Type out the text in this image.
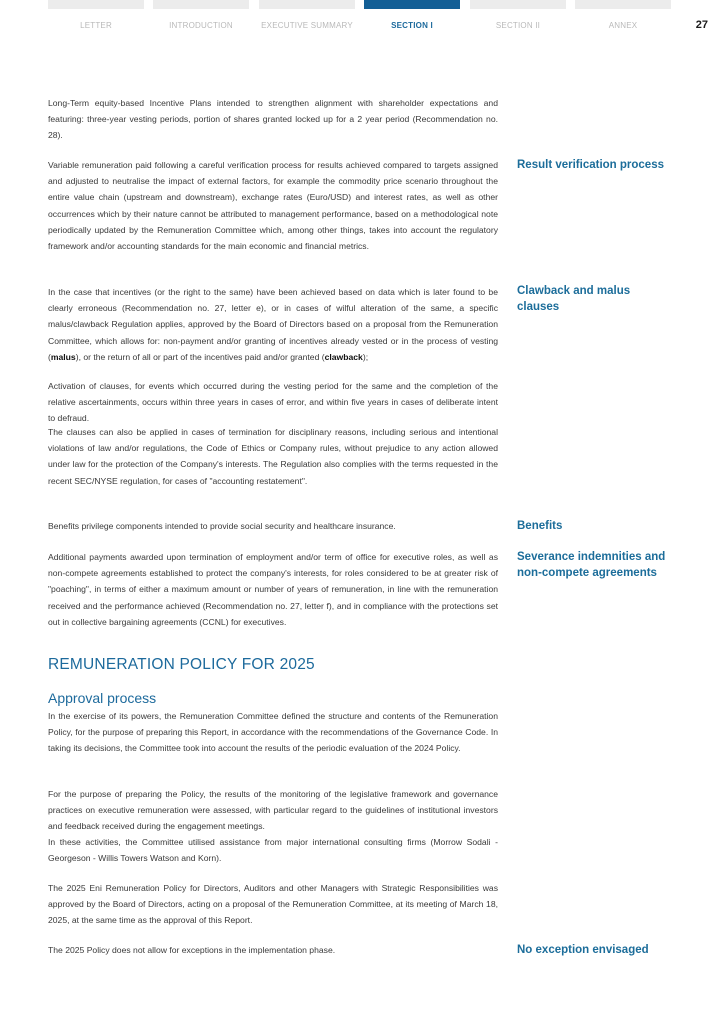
LETTER	INTRODUCTION	EXECUTIVE SUMMARY	SECTION I	SECTION II	ANNEX	27

Long-Term equity-based Incentive Plans intended to strengthen alignment with shareholder expectations and featuring: three-year vesting periods, portion of shares granted locked up for a 2 year period (Recommendation no. 28).

Variable remuneration paid following a careful verification process for results achieved compared to targets assigned and adjusted to neutralise the impact of external factors, for example the commodity price scenario throughout the entire value chain (upstream and downstream), exchange rates (Euro/USD) and interest rates, as well as other occurrences which by their nature cannot be attributed to management performance, based on a methodological note periodically updated by the Remuneration Committee which, among other things, takes into account the regulatory framework and/or accounting standards for the main economic and financial metrics.

Result verification process

In the case that incentives (or the right to the same) have been achieved based on data which is later found to be clearly erroneous (Recommendation no. 27, letter e), or in cases of wilful alteration of the same, a specific malus/clawback Regulation applies, approved by the Board of Directors based on a proposal from the Remuneration Committee, which allows for: non-payment and/or granting of incentives already vested or in the process of vesting (malus), or the return of all or part of the incentives paid and/or granted (clawback);

Clawback and malus clauses

Activation of clauses, for events which occurred during the vesting period for the same and the completion of the relative ascertainments, occurs within three years in cases of error, and within five years in cases of deliberate intent to defraud.

The clauses can also be applied in cases of termination for disciplinary reasons, including serious and intentional violations of law and/or regulations, the Code of Ethics or Company rules, without prejudice to any action allowed under law for the protection of the Company's interests. The Regulation also complies with the terms requested in the recent SEC/NYSE regulation, for cases of "accounting restatement".

Benefits privilege components intended to provide social security and healthcare insurance.	Benefits

Additional payments awarded upon termination of employment and/or term of office for executive roles, as well as non-compete agreements established to protect the company's interests, for roles considered to be at greater risk of "poaching", in terms of either a maximum amount or number of years of remuneration, in line with the remuneration received and the performance achieved (Recommendation no. 27, letter f), and in compliance with the protections set out in collective bargaining agreements (CCNL) for executives.

Severance indemnities and non-compete agreements
REMUNERATION POLICY FOR 2025
Approval process

In the exercise of its powers, the Remuneration Committee defined the structure and contents of the Remuneration Policy, for the purpose of preparing this Report, in accordance with the recommendations of the Governance Code. In taking its decisions, the Committee took into account the results of the periodic evaluation of the 2024 Policy.

For the purpose of preparing the Policy, the results of the monitoring of the legislative framework and governance practices on executive remuneration were assessed, with particular regard to the guidelines of institutional investors and feedback received during the engagement meetings.

In these activities, the Committee utilised assistance from major international consulting firms (Morrow Sodali - Georgeson - Willis Towers Watson and Korn).

The 2025 Eni Remuneration Policy for Directors, Auditors and other Managers with Strategic Responsibilities was approved by the Board of Directors, acting on a proposal of the Remuneration Committee, at its meeting of March 18, 2025, at the same time as the approval of this Report.

The 2025 Policy does not allow for exceptions in the implementation phase.	No exception envisaged
